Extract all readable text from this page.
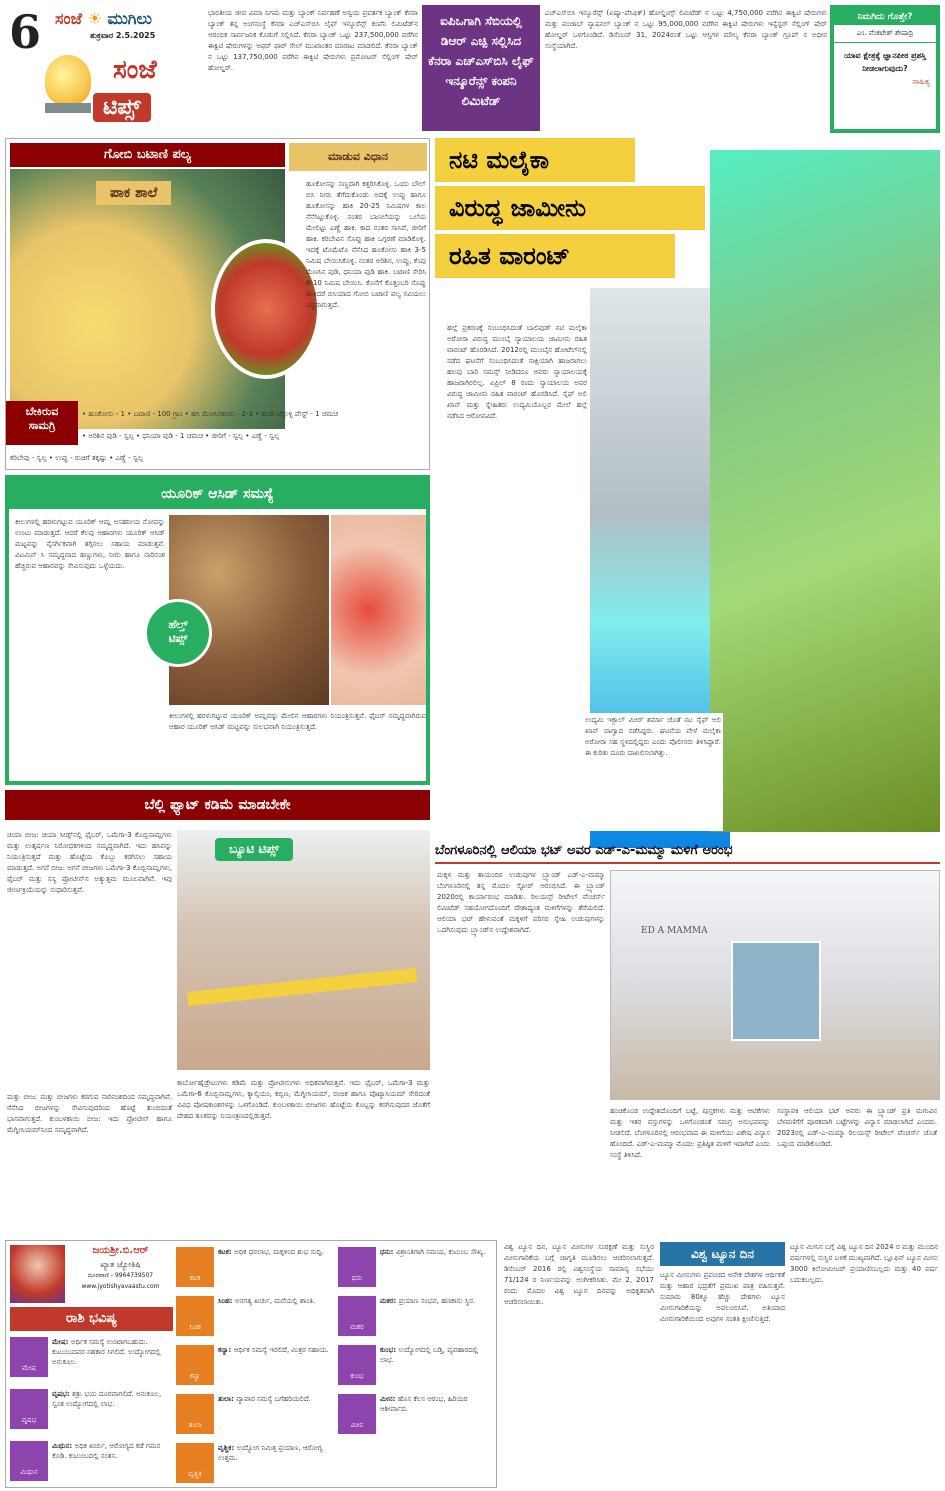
6 ಸಂಜೆ ☀ ಮುಗಿಲು
ಶುಕ್ರವಾರ 2.5.2025
ಸಂಜೆ
ಟಿಪ್ಸ್
ಭಾರತೀಯ ಜೀವ ವಿಮಾ ನಿಗಮ ಮತ್ತು ಬ್ಯಾಂಕ್ ನಿರ್ವಹಣೆ ಅನ್ವಯ ಪ್ರವರ್ತಕ ಬ್ಯಾಂಕ್ ಕೆನರಾ ಬ್ಯಾಂಕ್ ತನ್ನ ಅಂಗಸಂಸ್ಥೆ ಕೆನರಾ ಎಚ್‌ಎಸ್‌ಬಿಸಿ ಲೈಫ್ ಇನ್ಶೂರೆನ್ಸ್ ಕಂಪೆನಿ ಲಿಮಿಟೆಡ್‌ನ ಆರಂಭಿಕ ಸಾರ್ವಜನಿಕ ಕೊಡುಗೆ ಸಲ್ಲಿಸಿದೆ. ಕೆನರಾ ಬ್ಯಾಂಕ್ ಒಟ್ಟು 237,500,000 ವರೆಗಿನ ಈಕ್ವಿಟಿ ಷೇರುಗಳನ್ನು ಆಫರ್ ಫಾರ್ ಸೇಲ್ ಮುಖಾಂತರ ಮಾರಾಟ ಮಾಡಲಿದೆ. ಕೆನರಾ ಬ್ಯಾಂಕ್ ನ ಒಟ್ಟು 137,750,000 ವರೆಗಿನ ಈಕ್ವಿಟಿ ಷೇರುಗಳು ಪ್ರಮೋಟರ್ ಸೆಲ್ಲಿಂಗ್ ಷೇರ್ ಹೋಲ್ಡರ್.
ಐಪಿಒಗಾಗಿ ಸೆಬಿಯಲ್ಲಿ ಡಿಆರ್ ಎಚ್ಪಿ ಸಲ್ಲಿಸಿದ ಕೆನರಾ ಎಚ್ಎಸ್‌ಬಿಸಿ ಲೈಫ್ ಇನ್ಶೂರೆನ್ಸ್ ಕಂಪನಿ ಲಿಮಿಟೆಡ್
ಎಚ್‌ಎಸ್‌ಬಿಸಿ ಇನ್ಶೂರೆನ್ಸ್ (ಏಷ್ಯಾ-ಪೆಸಿಫಿಕ್) ಹೋಲ್ಡಿಂಗ್ಸ್ ಲಿಮಿಟೆಡ್ ನ ಒಟ್ಟು 4,750,000 ವರೆಗಿನ ಈಕ್ವಿಟಿ ಷೇರುಗಳು ಮತ್ತು ಪಂಜಾಬ್ ನ್ಯಾಷನಲ್ ಬ್ಯಾಂಕ್ ನ ಒಟ್ಟು 95,000,000 ವರೆಗಿನ ಈಕ್ವಿಟಿ ಷೇರುಗಳು ಇನ್ವೆಸ್ಟರ್ ಸೆಲ್ಲಿಂಗ್ ಷೇರ್ ಹೋಲ್ಡರ್ ಒಳಗೊಂಡಿದೆ. ಡಿಸೆಂಬರ್ 31, 2024ರಂತೆ ಒಟ್ಟು ಆಸ್ತಿಗಳ ಮೌಲ್ಯ ಕೆನರಾ ಬ್ಯಾಂಕ್ ಗ್ರೂಪ್ ನ ಅಧೀನ ಸಂಸ್ಥೆಯಾಗಿದೆ.
ನಿಮಗಿದು ಗೊತ್ತೇ?
ಎಂ. ವೆಂಕಟೇಶ್ ಶೇಷಾದ್ರಿ
ಯಾವ ಕ್ಷೇತ್ರಕ್ಕೆ ಜ್ಞಾನಪೀಠ ಪ್ರಶಸ್ತಿ ನೀಡಲಾಗುವುದು?
ಸಾಹಿತ್ಯ
ಗೋಬಿ ಬಟಾಣಿ ಪಲ್ಯ
ಪಾಕ ಶಾಲೆ
ಮಾಡುವ ವಿಧಾನ
ಹೂಕೋಸನ್ನು ಸಣ್ಣದಾಗಿ ಕತ್ತರಿಸಿಕೊಳ್ಳಿ. ಒಂದು ಬೌಲ್ ಬಿಸಿ ನೀರು ತೆಗೆದುಕೊಂಡು ಅದಕ್ಕೆ ಉಪ್ಪು ಹಾಗೂ ಹೂಕೋಸನ್ನು ಹಾಕಿ 20-25 ನಿಮಿಷಗಳ ಕಾಲ ನೆನೆಸಿಟ್ಟುಕೊಳ್ಳಿ. ನಂತರ ಬಾಣಲೆಯನ್ನು ಒಲೆಯ ಮೇಲಿಟ್ಟು ಎಣ್ಣೆ ಹಾಕಿ. ಕಾದ ನಂತರ ಸಾಸಿವೆ, ಜೀರಿಗೆ ಹಾಕಿ. ಕರಿಬೇವಿನ ಸೊಪ್ಪು ಹಾಕಿ ಒಗ್ಗರಣೆ ಮಾಡಿಕೊಳ್ಳಿ. ಇದಕ್ಕೆ ಟೊಮೆಟೊ ನೆನೆಸಿದ ಹೂಕೋಸು ಹಾಕಿ 3-5 ನಿಮಿಷ ಬೇಯಿಸಿಕೊಳ್ಳಿ. ನಂತರ ಅರಿಶಿನ, ಉಪ್ಪು, ಕೆಂಪು ಮೆಣಸಿನ ಪುಡಿ, ಧನಿಯಾ ಪುಡಿ ಹಾಕಿ. ಬಟಾಣಿ ಸೇರಿಸಿ 8-10 ನಿಮಿಷ ಬೇಯಿಸಿ. ಕೊನೆಗೆ ಕೊತ್ತಂಬರಿ ಸೊಪ್ಪು ಹಾಕಿದರೆ ಬಿಸಿಯಾದ ಗೋಬಿ ಬಟಾಣಿ ಪಲ್ಯ ಸವಿಯಲು ಸಿದ್ಧವಾಗುತ್ತದೆ.
ಬೇಕಿರುವ
ಸಾಮಗ್ರಿ
• ಹೂಕೋಸು - 1 • ಬಟಾಣಿ - 100 ಗ್ರಾಂ • ಹಸಿ ಮೆಣಸಿನಕಾಯಿ - 2-3 • ಶುಂಠಿ-ಬೆಳ್ಳುಳ್ಳಿ ಪೇಸ್ಟ್ - 1 ಚಮಚ
• ಅರಿಶಿನ ಪುಡಿ - ಸ್ವಲ್ಪ • ಧನಿಯಾ ಪುಡಿ - 1 ಚಮಚ • ಜೀರಿಗೆ - ಸ್ವಲ್ಪ • ಎಣ್ಣೆ - ಸ್ವಲ್ಪ
ಕರಿಬೇವು - ಸ್ವಲ್ಪ • ಉಪ್ಪು - ರುಚಿಗೆ ತಕ್ಕಷ್ಟು • ಎಣ್ಣೆ - ಸ್ವಲ್ಪ
ಯೂರಿಕ್ ಆಸಿಡ್ ಸಮಸ್ಯೆ
ಕೀಲುಗಳಲ್ಲಿ ಹರಳುಗಟ್ಟುವ ಯೂರಿಕ್ ಆಮ್ಲ ಅಸಹನೀಯ ನೋವನ್ನು ಉಂಟು ಮಾಡುತ್ತದೆ. ಆದರೆ ಕೆಲವು ಆಹಾರಗಳು ಯೂರಿಕ್ ಆಸಿಡ್ ಮಟ್ಟವನ್ನು ನೈಸರ್ಗಿಕವಾಗಿ ತಗ್ಗಿಸಲು ಸಹಾಯ ಮಾಡುತ್ತವೆ. ವಿಟಮಿನ್ ಸಿ ಸಮೃದ್ಧವಾದ ಹಣ್ಣುಗಳು, ನೀರು ಹಾಗೂ ನಾರಿನಂಶ ಹೆಚ್ಚಿರುವ ಆಹಾರವನ್ನು ಸೇವಿಸುವುದು ಒಳ್ಳೆಯದು.
ಹೆಲ್ತ್
ಟಿಪ್ಸ್
ಕೀಲುಗಳಲ್ಲಿ ಹರಳುಗಟ್ಟುವ ಯೂರಿಕ್ ಅಮ್ಲವನ್ನು ಮೇಲಿನ ಆಹಾರಗಳು ನಿಯಂತ್ರಿಸುತ್ತವೆ. ಫೈಬರ್ ಸಮೃದ್ಧವಾಗಿರುವ ಆಹಾರ ಯೂರಿಕ್ ಆಸಿಡ್ ಮಟ್ಟವನ್ನು ಸುಲಭವಾಗಿ ನಿಯಂತ್ರಿಸುತ್ತದೆ.
ಬೆಲ್ಲಿ ಫ್ಯಾಟ್ ಕಡಿಮೆ ಮಾಡಬೇಕೇ
ಚಿಯಾ ಬೀಜ: ಚಿಯಾ ಸೀಡ್ಸ್‌ನಲ್ಲಿ ಫೈಬರ್, ಒಮೆಗಾ-3 ಕೊಬ್ಬಿನಾಮ್ಲಗಳು ಮತ್ತು ಉತ್ಕರ್ಷಣ ನಿರೋಧಕಗಳಿಂದ ಸಮೃದ್ಧವಾಗಿದೆ. ಇದು ಹಸಿವನ್ನು ನಿಯಂತ್ರಿಸುತ್ತದೆ ಮತ್ತು ಹೊಟ್ಟೆಯ ಕೊಬ್ಬು ಕರಗಿಸಲು ಸಹಾಯ ಮಾಡುತ್ತದೆ. ಅಗಸೆ ಬೀಜ: ಅಗಸೆ ಬೀಜಗಳು ಒಮೆಗಾ-3 ಕೊಬ್ಬಿನಾಮ್ಲಗಳು, ಫೈಬರ್ ಮತ್ತು ಸಸ್ಯ ಪ್ರೋಟೀನ್‌ನ ಅತ್ಯುತ್ತಮ ಮೂಲವಾಗಿವೆ. ಇವು ಜೀರ್ಣಕ್ರಿಯೆಯನ್ನು ಸುಧಾರಿಸುತ್ತವೆ.
ಮತ್ತು ಬೀಜ: ಮತ್ತು ಬೀಜಗಳು ಕರಗುವ ನಾರಿನಂಶದಿಂದ ಸಮೃದ್ಧವಾಗಿವೆ. ನೆನೆಸಿದ ಬೀಜಗಳನ್ನು ಸೇವಿಸುವುದರಿಂದ ಹೊಟ್ಟೆ ತುಂಬಿದಂತೆ ಭಾಸವಾಗುತ್ತದೆ. ಕುಂಬಳಕಾಯಿ ಬೀಜ: ಇದು ಪ್ರೋಟೀನ್ ಹಾಗೂ ಮೆಗ್ನೀಸಿಯಮ್‌ನಿಂದ ಸಮೃದ್ಧವಾಗಿದೆ.
ಬ್ಯೂಟಿ ಟಿಪ್ಸ್
ಕಾರ್ಬೋಹೈಡ್ರೇಟುಗಳು ಕಡಿಮೆ ಮತ್ತು ಪ್ರೋಟೀನುಗಳು ಅಧಿಕವಾಗಿರುತ್ತವೆ. ಇದು ಫೈಬರ್, ಒಮೆಗಾ-3 ಮತ್ತು ಒಮೆಗಾ-6 ಕೊಬ್ಬಿನಾಮ್ಲಗಳು, ಕ್ಯಾಲ್ಸಿಯಂ, ಕಬ್ಬಿಣ, ಮೆಗ್ನೀಸಿಯಮ್, ರಂಜಕ ಹಾಗೂ ಪೊಟ್ಯಾಸಿಯಮ್ ಸೇರಿದಂತೆ ವಿವಿಧ ಪೋಷಕಾಂಶಗಳನ್ನು ಒಳಗೊಂಡಿದೆ. ಕುಂಬಳಕಾಯಿ ಬೀಜಗಳು ಹೊಟ್ಟೆಯ ಕೊಬ್ಬನ್ನು ಕರಗಿಸುವುದರ ಜೊತೆಗೆ ದೇಹದ ತೂಕವನ್ನು ನಿಯಂತ್ರಣದಲ್ಲಿಡುತ್ತವೆ.
ನಟಿ ಮಲೈಕಾ
ವಿರುದ್ಧ ಜಾಮೀನು
ರಹಿತ ವಾರಂಟ್
ಹಲ್ಲೆ ಪ್ರಕರಣಕ್ಕೆ ಸಂಬಂಧಿಸಿದಂತೆ ಬಾಲಿವುಡ್ ನಟಿ ಮಲೈಕಾ ಅರೋರಾ ವಿರುದ್ಧ ಮುಂಬೈ ನ್ಯಾಯಾಲಯ ಜಾಮೀನು ರಹಿತ ವಾರಂಟ್ ಹೊರಡಿಸಿದೆ. 2012ರಲ್ಲಿ ಮುಂಬೈನ ಹೋಟೆಲ್‌ನಲ್ಲಿ ನಡೆದ ಘಟನೆಗೆ ಸಂಬಂಧಿಸಿದಂತೆ ಸಾಕ್ಷಿಯಾಗಿ ಹಾಜರಾಗಲು ಹಲವು ಬಾರಿ ಸಮನ್ಸ್ ನೀಡಿದರೂ ಅವರು ನ್ಯಾಯಾಲಯಕ್ಕೆ ಹಾಜರಾಗಿರಲಿಲ್ಲ. ಏಪ್ರಿಲ್ 8 ರಂದು ನ್ಯಾಯಾಲಯ ಅವರ ವಿರುದ್ಧ ಜಾಮೀನು ರಹಿತ ವಾರಂಟ್ ಹೊರಡಿಸಿದೆ. ಸೈಫ್ ಅಲಿ ಖಾನ್ ಮತ್ತು ಸ್ನೇಹಿತರು ಉದ್ಯಮಿಯೊಬ್ಬರ ಮೇಲೆ ಹಲ್ಲೆ ನಡೆಸಿದ ಆರೋಪವಿದೆ.
ಉದ್ಯಮಿ ಇಕ್ಬಾಲ್ ಮೀರ್ ಶರ್ಮಾ ಜೊತೆ ನಟ ಸೈಫ್ ಅಲಿ ಖಾನ್ ವಾಗ್ವಾದ ನಡೆಸಿದ್ದರು. ಘಟನೆಯ ವೇಳೆ ಮಲೈಕಾ ಅರೋರಾ ಸಹ ಸ್ಥಳದಲ್ಲಿದ್ದರು ಎಂದು ಪೊಲೀಸರು ತಿಳಿಸಿದ್ದಾರೆ. ಈ ಕುರಿತು ದೂರು ದಾಖಲಿಸಲಾಗಿತ್ತು.
ಬೆಂಗಳೂರಿನಲ್ಲಿ ಆಲಿಯಾ ಭಟ್ ಅವರ ಎಡ್-ಎ-ಮಮ್ಮಾ ಮಳಿಗೆ ಆರಂಭ
ಮಕ್ಕಳ ಮತ್ತು ತಾಯಂದಿರ ಉಡುಪುಗಳ ಬ್ರ್ಯಾಂಡ್ ಎಡ್-ಎ-ಮಮ್ಮಾ ಬೆಂಗಳೂರಿನಲ್ಲಿ ತನ್ನ ಮೊದಲ ಸ್ಟೋರ್ ಆರಂಭಿಸಿದೆ. ಈ ಬ್ರ್ಯಾಂಡ್ 2020ರಲ್ಲಿ ಕಾರ್ಯಾರಂಭ ಮಾಡಿತು. ರಿಲಯನ್ಸ್ ರೀಟೇಲ್ ವೆಂಚರ್ಸ್ ಲಿಮಿಟೆಡ್ ಸಹಯೋಗದೊಂದಿಗೆ ದೇಶಾದ್ಯಂತ ಮಳಿಗೆಗಳನ್ನು ತೆರೆಯಲಿದೆ. ಆಲಿಯಾ ಭಟ್ ಹೇಳುವಂತೆ ಮಕ್ಕಳಿಗೆ ಪರಿಸರ ಸ್ನೇಹಿ ಉಡುಪುಗಳನ್ನು ಒದಗಿಸುವುದು ಬ್ರ್ಯಾಂಡ್‌ನ ಉದ್ದೇಶವಾಗಿದೆ.	ED A MAMMA
ಹಂಚಿಕೊಂಡ ಉದ್ದೇಶದೊಂದಿಗೆ ಬಟ್ಟೆ, ಪುಸ್ತಕಗಳು ಮತ್ತು ಆಟಿಕೆಗಳು ಮತ್ತು ಇತರ ವಸ್ತುಗಳನ್ನು ಒಳಗೊಂಡಂತೆ ಸಮಗ್ರ ಅನುಭವವನ್ನು ನೀಡಲಿದೆ. ಬೆಂಗಳೂರಿನಲ್ಲಿ ಆರಂಭವಾದ ಈ ಮಳಿಗೆಯು ವಿಶೇಷ ವಿನ್ಯಾಸ ಹೊಂದಿದೆ. ಎಡ್-ಎ-ಮಮ್ಮಾ ಮೊದಲ ಪ್ರತಿಷ್ಠಿತ ಮಳಿಗೆ ಇದಾಗಿದೆ ಎಂದು ಸಂಸ್ಥೆ ತಿಳಿಸಿದೆ.
ಸಂಸ್ಥಾಪಕಿ ಆಲಿಯಾ ಭಟ್ ಅವರು ಈ ಬ್ರ್ಯಾಂಡ್ ಪ್ರತಿ ಮಗುವಿನ ಬೆಳವಣಿಗೆಗೆ ಪೂರಕವಾಗಿ ಬಟ್ಟೆಗಳನ್ನು ವಿನ್ಯಾಸ ಮಾಡಲಾಗಿದೆ ಎಂದರು. 2023ರಲ್ಲಿ ಎಡ್-ಎ-ಮಮ್ಮಾ ರಿಲಯನ್ಸ್ ರೀಟೇಲ್ ವೆಂಚರ್ಸ್ ಜೊತೆ ಒಪ್ಪಂದ ಮಾಡಿಕೊಂಡಿದೆ.
ಜಯಶ್ರೀ.ಬಿ.ಆರ್
ಖ್ಯಾತ ಜ್ಯೋತಿಷಿ
ದೂರವಾಣಿ - 9964739507
www.jyotishyavaastu.com
ರಾಶಿ ಭವಿಷ್ಯ
ಮೇಷ
ಮೇಷ: ಅರ್ಥಿಕ ಸಮಸ್ಯೆ ಉಂಟಾಗಬಹುದು. ಕುಟುಂಬದವರ ಸಹಕಾರ ಸಿಗಲಿದೆ. ಉದ್ಯೋಗದಲ್ಲಿ ಅನುಕೂಲ.
ವೃಷಭ
ವೃಷಭ: ಶತ್ರು ಭಯ ದೂರವಾಗಲಿದೆ. ಅನುಕೂಲ, ಸ್ವಂತ ಉದ್ಯೋಗದಲ್ಲಿ ಲಾಭ.
ಮಿಥುನ
ಮಿಥುನ: ಅಧಿಕ ಖರ್ಚು, ಆರೋಗ್ಯದ ಕಡೆ ಗಮನ ಕೊಡಿ. ಕುಟುಂಬದಲ್ಲಿ ಸಂತಸ.
ಕಟಕ
ಕಟಕ: ಅಧಿಕ ಧನಲಾಭ, ಮಕ್ಕಳಿಂದ ಶುಭ ಸುದ್ದಿ.
ಸಿಂಹ
ಸಿಂಹ: ಅನಗತ್ಯ ಖರ್ಚು, ಮನೆಯಲ್ಲಿ ಶಾಂತಿ.
ಕನ್ಯಾ
ಕನ್ಯಾ: ಆರ್ಥಿಕ ಸಮಸ್ಯೆ ಇರಲಿದೆ, ಮಿತ್ರರ ಸಹಾಯ.
ತುಲಾ
ತುಲಾ: ವ್ಯಾಪಾರ ಸಮಸ್ಯೆ ಬಗೆಹರಿಯಲಿದೆ.
ವೃಶ್ಚಿಕ
ವೃಶ್ಚಿಕ: ಉದ್ಯೋಗ ನಿಮಿತ್ತ ಪ್ರಯಾಣ, ಆರೋಗ್ಯ ಉತ್ತಮ.
ಧನು
ಧನು: ವಿಶ್ರಾಂತಿಗಾಗಿ ಸಮಯ, ಕುಟುಂಬ ಸೌಖ್ಯ.
ಮಕರ
ಮಕರ: ಪ್ರಯಾಣ ಸಂಭವ, ಹಣಕಾಸು ಸ್ಥಿರ.
ಕುಂಭ
ಕುಂಭ: ಉದ್ಯೋಗದಲ್ಲಿ ಬಡ್ತಿ, ವ್ಯವಹಾರದಲ್ಲಿ ಲಾಭ.
ಮೀನ
ಮೀನ: ಹೊಸ ಕೆಲಸ ಆರಂಭ, ಹಿರಿಯರ ಆಶೀರ್ವಾದ.
ವಿಶ್ವ ಟ್ಯೂನ ದಿನ, ಟ್ಯೂನ ಮೀನುಗಳ ಸಂರಕ್ಷಣೆ ಮತ್ತು ಸುಸ್ಥಿರ ಮೀನುಗಾರಿಕೆಯ ಬಗ್ಗೆ ಜಾಗೃತಿ ಮೂಡಿಸಲು ಆಚರಿಸಲಾಗುತ್ತದೆ. ಡಿಸೆಂಬರ್ 2016 ರಲ್ಲಿ ವಿಶ್ವಸಂಸ್ಥೆಯ ಸಾಮಾನ್ಯ ಸಭೆಯು 71/124 ರ ನಿರ್ಣಯವನ್ನು ಅಂಗೀಕರಿಸಿತು. ಮೇ 2, 2017 ರಂದು ಮೊದಲ ವಿಶ್ವ ಟ್ಯೂನ ದಿನವನ್ನು ಅಧಿಕೃತವಾಗಿ ಆಚರಿಸಲಾಯಿತು.
ವಿಶ್ವ ಟ್ಯೂನ ದಿನ
ಟ್ಯೂನ ಮೀನುಗಳು ಪ್ರಪಂಚದ ಅನೇಕ ದೇಶಗಳ ಆರ್ಥಿಕತೆ ಮತ್ತು ಆಹಾರ ಭದ್ರತೆಗೆ ಪ್ರಮುಖ ಪಾತ್ರ ವಹಿಸುತ್ತವೆ. ಸುಮಾರು 80ಕ್ಕೂ ಹೆಚ್ಚು ದೇಶಗಳು ಟ್ಯೂನ ಮೀನುಗಾರಿಕೆಯನ್ನು ಅವಲಂಬಿಸಿವೆ. ಅತಿಯಾದ ಮೀನುಗಾರಿಕೆಯಿಂದ ಅವುಗಳ ಸಂತತಿ ಕ್ಷೀಣಿಸುತ್ತಿದೆ.
ಟ್ಯೂನ ಮೀನಿನ ಬಗ್ಗೆ ವಿಶ್ವ ಟ್ಯೂನ ದಿನ 2024 ರ ಮತ್ತು ಮುಂದಿನ ವರ್ಷಗಳಲ್ಲಿ ಸುಸ್ಥಿರ ಬಳಕೆ ಮುಖ್ಯವಾಗಿದೆ. ಬ್ಲೂಫಿನ್ ಟ್ಯೂನ ಮೀನು 3000 ಕಿಲೋಮೀಟರ್ ಪ್ರಯಾಣಿಸಬಲ್ಲದು ಮತ್ತು 40 ವರ್ಷ ಬದುಕಬಲ್ಲದು.
